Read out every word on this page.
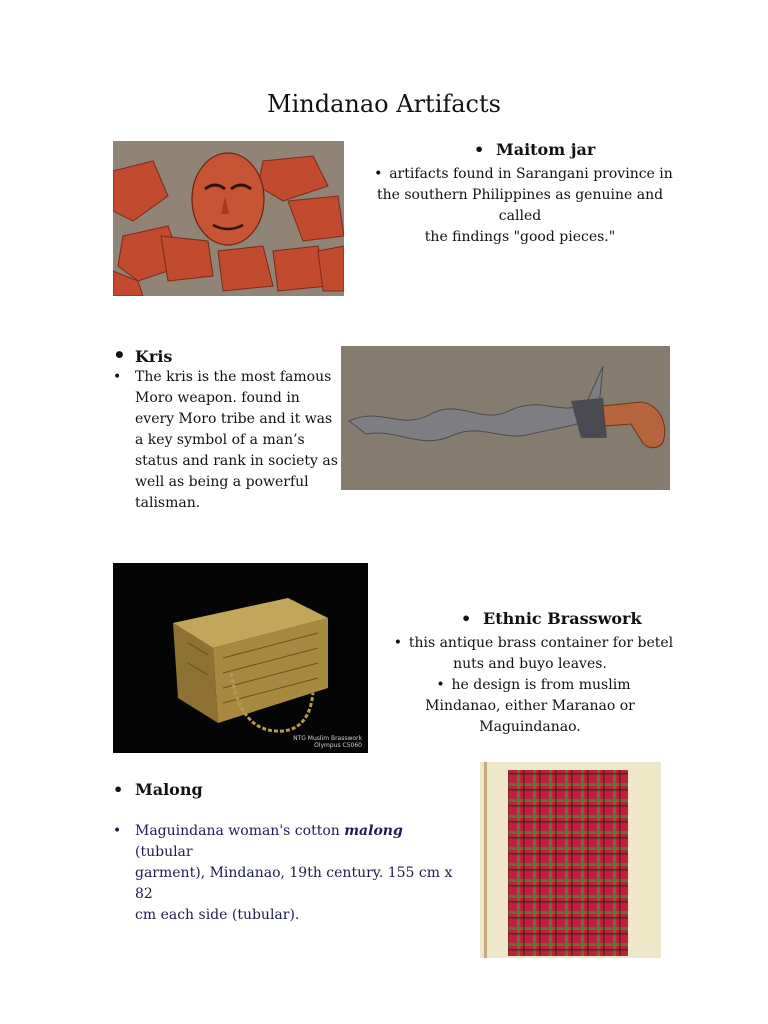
Mindanao Artifacts
• Maitom jar
• artifacts found in Sarangani province in
the southern Philippines as genuine and called
the findings "good pieces."
• Kris
• The kris is the most famous
Moro weapon. found in
every Moro tribe and it was
a key symbol of a man’s
status and rank in society as
well as being a powerful
talisman.
NTG Muslim Brasswork
Olympus C5060
• Ethnic Brasswork
• this antique brass container for betel
nuts and buyo leaves.
• he design is from muslim
Mindanao, either Maranao or
Maguindanao.
• Malong
• Maguindana woman's cotton malong (tubular
garment), Mindanao, 19th century. 155 cm x 82
cm each side (tubular).
